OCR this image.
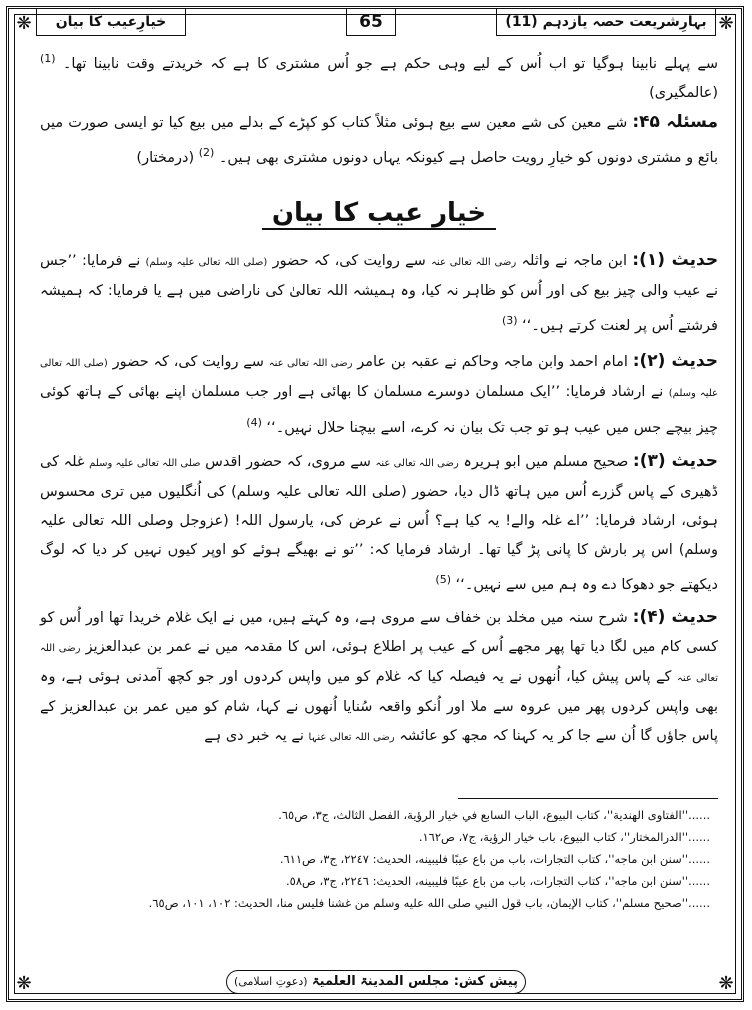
❋	❋
❋	❋
بہارِشریعت حصہ یازدہم (11)
65
خیارِعیب کا بیان

سے پہلے نابینا ہوگیا تو اب اُس کے لیے وہی حکم ہے جو اُس مشتری کا ہے کہ خریدتے وقت نابینا تھا۔ $^{(1)}$ (عالمگیری)

مسئلہ ۴۵: شے معین کی شے معین سے بیع ہوئی مثلاً کتاب کو کپڑے کے بدلے میں بیع کیا تو ایسی صورت میں بائع و مشتری دونوں کو خیارِ رویت حاصل ہے کیونکہ یہاں دونوں مشتری بھی ہیں۔ $^{(2)}$ (درمختار)

خیار عیب کا بیان

حدیث (۱): ابن ماجہ نے واثلہ رضی اللہ تعالی عنہ سے روایت کی، کہ حضور (صلی اللہ تعالی علیہ وسلم) نے فرمایا: ’’جس نے عیب والی چیز بیع کی اور اُس کو ظاہر نہ کیا، وہ ہمیشہ اللہ تعالیٰ کی ناراضی میں ہے یا فرمایا: کہ ہمیشہ فرشتے اُس پر لعنت کرتے ہیں۔‘‘ $^{(3)}$

حدیث (۲): امام احمد وابن ماجہ وحاکم نے عقبہ بن عامر رضی اللہ تعالی عنہ سے روایت کی، کہ حضور (صلی اللہ تعالی علیہ وسلم) نے ارشاد فرمایا: ’’ایک مسلمان دوسرے مسلمان کا بھائی ہے اور جب مسلمان اپنے بھائی کے ہاتھ کوئی چیز بیچے جس میں عیب ہو تو جب تک بیان نہ کرے، اسے بیچنا حلال نہیں۔‘‘ $^{(4)}$

حدیث (۳): صحیح مسلم میں ابو ہریرہ رضی اللہ تعالی عنہ سے مروی، کہ حضور اقدس صلی اللہ تعالی علیہ وسلم غلہ کی ڈھیری کے پاس گزرے اُس میں ہاتھ ڈال دیا، حضور (صلی اللہ تعالی علیہ وسلم) کی اُنگلیوں میں تری محسوس ہوئی، ارشاد فرمایا: ’’اے غلہ والے! یہ کیا ہے؟ اُس نے عرض کی، یارسول اللہ! (عزوجل وصلی اللہ تعالی علیہ وسلم) اس پر بارش کا پانی پڑ گیا تھا۔ ارشاد فرمایا کہ: ’’تو نے بھیگے ہوئے کو اوپر کیوں نہیں کر دیا کہ لوگ دیکھتے جو دھوکا دے وہ ہم میں سے نہیں۔‘‘ $^{(5)}$

حدیث (۴): شرح سنہ میں مخلد بن خفاف سے مروی ہے، وہ کہتے ہیں، میں نے ایک غلام خریدا تھا اور اُس کو کسی کام میں لگا دیا تھا پھر مجھے اُس کے عیب پر اطلاع ہوئی، اس کا مقدمہ میں نے عمر بن عبدالعزیز رضی اللہ تعالی عنہ کے پاس پیش کیا، اُنھوں نے یہ فیصلہ کیا کہ غلام کو میں واپس کردوں اور جو کچھ آمدنی ہوئی ہے، وہ بھی واپس کردوں پھر میں عروہ سے ملا اور اُنکو واقعہ سُنایا اُنھوں نے کہا، شام کو میں عمر بن عبدالعزیز کے پاس جاؤں گا اُن سے جا کر یہ کہنا کہ مجھ کو عائشہ رضی اللہ تعالی عنہا نے یہ خبر دی ہے

......''الفتاوی الهندية''، كتاب البيوع، الباب السابع في خيار الرؤية، الفصل الثالث، ج٣، ص٦٥.
......''الدرالمختار''، كتاب البيوع، باب خيار الرؤية، ج٧، ص١٦٢.
......''سنن ابن ماجه''، كتاب التجارات، باب من باع عيبًا فليبينه، الحديث: ٢٢٤٧، ج٣، ص٦١١.
......''سنن ابن ماجه''، كتاب التجارات، باب من باع عيبًا فليبينه، الحديث: ٢٢٤٦، ج٣، ص٥٨.
......''صحيح مسلم''، كتاب الإيمان، باب قول النبي صلى الله عليه وسلم من غشنا فليس منا، الحديث: ١٠٢، ١٠١، ص٦٥.
پیش کش: مجلس المدینۃ العلمیۃ (دعوتِ اسلامی)
